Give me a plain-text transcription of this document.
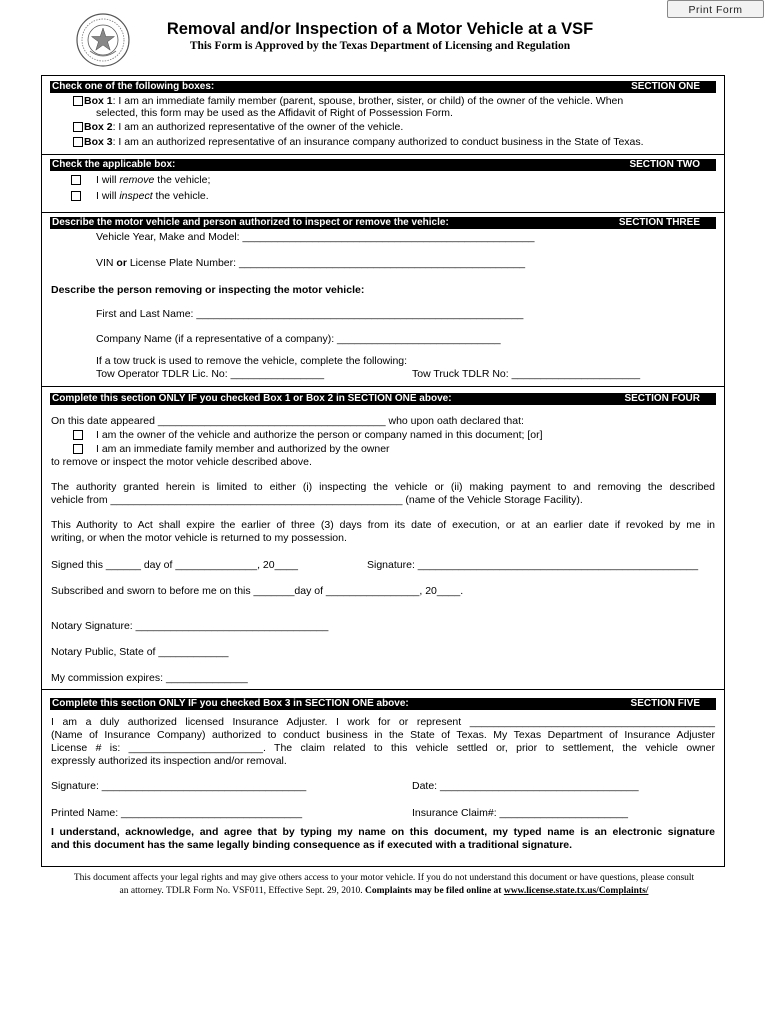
Print Form
Removal and/or Inspection of a Motor Vehicle at a VSF
This Form is Approved by the Texas Department of Licensing and Regulation
Check one of the following boxes:	SECTION ONE
Box 1: I am an immediate family member (parent, spouse, brother, sister, or child) of the owner of the vehicle. When
selected, this form may be used as the Affidavit of Right of Possession Form.
Box 2: I am an authorized representative of the owner of the vehicle.
Box 3: I am an authorized representative of an insurance company authorized to conduct business in the State of Texas.
Check the applicable box:	SECTION TWO
I will remove the vehicle;
I will inspect the vehicle.
Describe the motor vehicle and person authorized to inspect or remove the vehicle:	SECTION THREE
Vehicle Year, Make and Model: __________________________________________________
VIN or License Plate Number: _________________________________________________
Describe the person removing or inspecting the motor vehicle:
First and Last Name: ________________________________________________________
Company Name (if a representative of a company): ____________________________
If a tow truck is used to remove the vehicle, complete the following:
Tow Operator TDLR Lic. No: ________________	Tow Truck TDLR No: ______________________
Complete this section ONLY IF you checked Box 1 or Box 2 in SECTION ONE above:	SECTION FOUR
On this date appeared _______________________________________ who upon oath declared that:
I am the owner of the vehicle and authorize the person or company named in this document; [or]
I am an immediate family member and authorized by the owner
to remove or inspect the motor vehicle described above.
The authority granted herein is limited to either (i) inspecting the vehicle or (ii) making payment to and removing the described
vehicle from __________________________________________________ (name of the Vehicle Storage Facility).
This Authority to Act shall expire the earlier of three (3) days from its date of execution, or at an earlier date if revoked by me in
writing, or when the motor vehicle is returned to my possession.
Signed this ______ day of ______________, 20____	Signature: ________________________________________________
Subscribed and sworn to before me on this _______day of ________________, 20____.
Notary Signature: _________________________________
Notary Public, State of ____________
My commission expires: ______________
Complete this section ONLY IF you checked Box 3 in SECTION ONE above:	SECTION FIVE
I am a duly authorized licensed Insurance Adjuster. I work for or represent __________________________________________
(Name of Insurance Company) authorized to conduct business in the State of Texas. My Texas Department of Insurance Adjuster
License # is: _______________________. The claim related to this vehicle settled or, prior to settlement, the vehicle owner
expressly authorized its inspection and/or removal.
Signature: ___________________________________	Date: __________________________________
Printed Name: _______________________________	Insurance Claim#: ______________________
I understand, acknowledge, and agree that by typing my name on this document, my typed name is an electronic signature
and this document has the same legally binding consequence as if executed with a traditional signature.
This document affects your legal rights and may give others access to your motor vehicle. If you do not understand this document or have questions, please consult
an attorney. TDLR Form No. VSF011, Effective Sept. 29, 2010. Complaints may be filed online at www.license.state.tx.us/Complaints/
